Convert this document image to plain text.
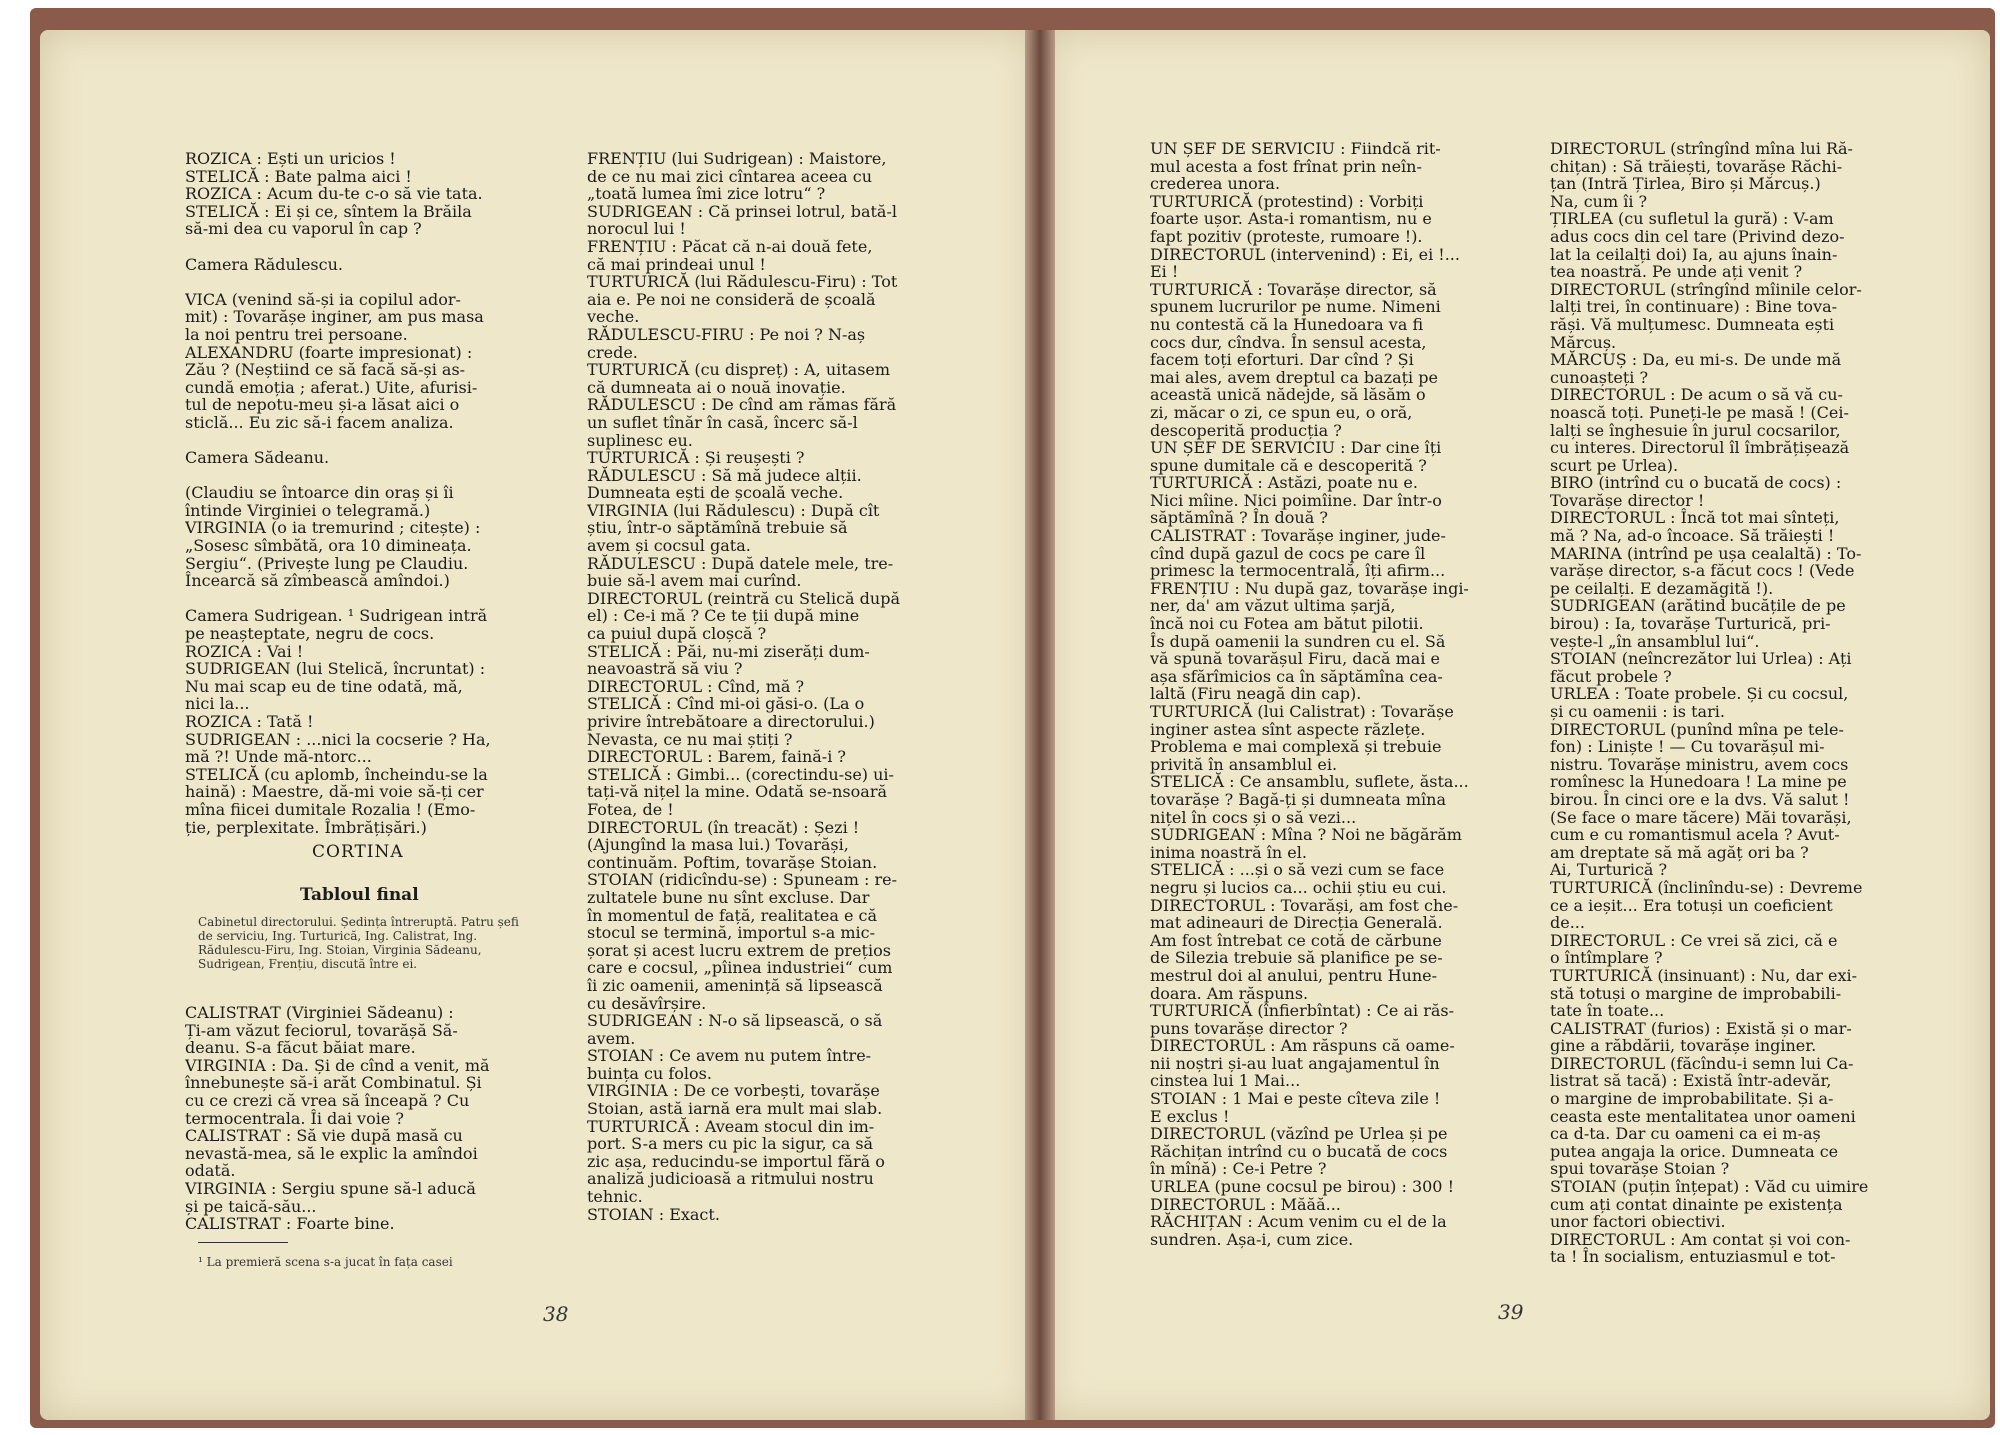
ROZICA : Ești un uricios !
STELICĂ : Bate palma aici !
ROZICA : Acum du-te c-o să vie tata.
STELICĂ : Ei și ce, sîntem la Brăila
să-mi dea cu vaporul în cap ?

Camera Rădulescu.

VICA (venind să-și ia copilul ador-
mit) : Tovarășe inginer, am pus masa
la noi pentru trei persoane.
ALEXANDRU (foarte impresionat) :
Zău ? (Neștiind ce să facă să-și as-
cundă emoția ; aferat.) Uite, afurisi-
tul de nepotu-meu și-a lăsat aici o
sticlă... Eu zic să-i facem analiza.

Camera Sădeanu.

(Claudiu se întoarce din oraș și îi
întinde Virginiei o telegramă.)
VIRGINIA (o ia tremurind ; citește) :
„Sosesc sîmbătă, ora 10 dimineața.
Sergiu“. (Privește lung pe Claudiu.
Încearcă să zîmbească amîndoi.)

Camera Sudrigean. ¹ Sudrigean intră
pe neașteptate, negru de cocs.
ROZICA : Vai !
SUDRIGEAN (lui Stelică, încruntat) :
Nu mai scap eu de tine odată, mă,
nici la...
ROZICA : Tată !
SUDRIGEAN : ...nici la cocserie ? Ha,
mă ?! Unde mă-ntorc...
STELICĂ (cu aplomb, încheindu-se la
haină) : Maestre, dă-mi voie să-ți cer
mîna fiicei dumitale Rozalia ! (Emo-
ție, perplexitate. Îmbrățișări.)
CORTINA
Tabloul final
Cabinetul directorului. Ședința întreruptă. Patru șefi de serviciu, Ing. Turturică, Ing. Calistrat, Ing. Rădulescu-Firu, Ing. Stoian, Virginia Sădeanu, Sudrigean, Frențiu, discută între ei.
CALISTRAT (Virginiei Sădeanu) :
Ți-am văzut feciorul, tovarășă Să-
deanu. S-a făcut băiat mare.
VIRGINIA : Da. Și de cînd a venit, mă
înnebunește să-i arăt Combinatul. Și
cu ce crezi că vrea să înceapă ? Cu
termocentrala. Îi dai voie ?
CALISTRAT : Să vie după masă cu
nevastă-mea, să le explic la amîndoi
odată.
VIRGINIA : Sergiu spune să-l aducă
și pe taică-său...
CALISTRAT : Foarte bine.
¹ La premieră scena s-a jucat în fața casei
FRENȚIU (lui Sudrigean) : Maistore,
de ce nu mai zici cîntarea aceea cu
„toată lumea îmi zice lotru“ ?
SUDRIGEAN : Că prinsei lotrul, bată-l
norocul lui !
FRENȚIU : Păcat că n-ai două fete,
că mai prindeai unul !
TURTURICĂ (lui Rădulescu-Firu) : Tot
aia e. Pe noi ne consideră de școală
veche.
RĂDULESCU-FIRU : Pe noi ? N-aș
crede.
TURTURICĂ (cu dispreț) : A, uitasem
că dumneata ai o nouă inovație.
RĂDULESCU : De cînd am rămas fără
un suflet tînăr în casă, încerc să-l
suplinesc eu.
TURTURICĂ : Și reușești ?
RĂDULESCU : Să mă judece alții.
Dumneata ești de școală veche.
VIRGINIA (lui Rădulescu) : După cît
știu, într-o săptămînă trebuie să
avem și cocsul gata.
RĂDULESCU : După datele mele, tre-
buie să-l avem mai curînd.
DIRECTORUL (reintră cu Stelică după
el) : Ce-i mă ? Ce te ții după mine
ca puiul după cloșcă ?
STELICĂ : Păi, nu-mi ziserăți dum-
neavoastră să viu ?
DIRECTORUL : Cînd, mă ?
STELICĂ : Cînd mi-oi găsi-o. (La o
privire întrebătoare a directorului.)
Nevasta, ce nu mai știți ?
DIRECTORUL : Barem, faină-i ?
STELICĂ : Gimbi... (corectindu-se) ui-
tați-vă nițel la mine. Odată se-nsoară
Fotea, de !
DIRECTORUL (în treacăt) : Șezi !
(Ajungînd la masa lui.) Tovarăși,
continuăm. Poftim, tovarășe Stoian.
STOIAN (ridicîndu-se) : Spuneam : re-
zultatele bune nu sînt excluse. Dar
în momentul de față, realitatea e că
stocul se termină, importul s-a mic-
șorat și acest lucru extrem de prețios
care e cocsul, „pîinea industriei“ cum
îi zic oamenii, amenință să lipsească
cu desăvîrșire.
SUDRIGEAN : N-o să lipsească, o să
avem.
STOIAN : Ce avem nu putem între-
buința cu folos.
VIRGINIA : De ce vorbești, tovarășe
Stoian, astă iarnă era mult mai slab.
TURTURICĂ : Aveam stocul din im-
port. S-a mers cu pic la sigur, ca să
zic așa, reducindu-se importul fără o
analiză judicioasă a ritmului nostru
tehnic.
STOIAN : Exact.
38
UN ȘEF DE SERVICIU : Fiindcă rit-
mul acesta a fost frînat prin neîn-
crederea unora.
TURTURICĂ (protestind) : Vorbiți
foarte ușor. Asta-i romantism, nu e
fapt pozitiv (proteste, rumoare !).
DIRECTORUL (intervenind) : Ei, ei !...
Ei !
TURTURICĂ : Tovarășe director, să
spunem lucrurilor pe nume. Nimeni
nu contestă că la Hunedoara va fi
cocs dur, cîndva. În sensul acesta,
facem toți eforturi. Dar cînd ? Și
mai ales, avem dreptul ca bazați pe
această unică nădejde, să lăsăm o
zi, măcar o zi, ce spun eu, o oră,
descoperită producția ?
UN ȘEF DE SERVICIU : Dar cine îți
spune dumitale că e descoperită ?
TURTURICĂ : Astăzi, poate nu e.
Nici mîine. Nici poimîine. Dar într-o
săptămînă ? În două ?
CALISTRAT : Tovarășe inginer, jude-
cînd după gazul de cocs pe care îl
primesc la termocentrală, îți afirm...
FRENȚIU : Nu după gaz, tovarășe ingi-
ner, da' am văzut ultima șarjă,
încă noi cu Fotea am bătut pilotii.
Îs după oamenii la sundren cu el. Să
vă spună tovarășul Firu, dacă mai e
așa sfărîmicios ca în săptămîna cea-
laltă (Firu neagă din cap).
TURTURICĂ (lui Calistrat) : Tovarășe
inginer astea sînt aspecte răzlețe.
Problema e mai complexă și trebuie
privită în ansamblul ei.
STELICĂ : Ce ansamblu, suflete, ăsta...
tovarășe ? Bagă-ți și dumneata mîna
nițel în cocs și o să vezi...
SUDRIGEAN : Mîna ? Noi ne băgărăm
inima noastră în el.
STELICĂ : ...și o să vezi cum se face
negru și lucios ca... ochii știu eu cui.
DIRECTORUL : Tovarăși, am fost che-
mat adineauri de Direcția Generală.
Am fost întrebat ce cotă de cărbune
de Silezia trebuie să planifice pe se-
mestrul doi al anului, pentru Hune-
doara. Am răspuns.
TURTURICĂ (înfierbîntat) : Ce ai răs-
puns tovarășe director ?
DIRECTORUL : Am răspuns că oame-
nii noștri și-au luat angajamentul în
cinstea lui 1 Mai...
STOIAN : 1 Mai e peste cîteva zile !
E exclus !
DIRECTORUL (văzînd pe Urlea și pe
Răchițan intrînd cu o bucată de cocs
în mînă) : Ce-i Petre ?
URLEA (pune cocsul pe birou) : 300 !
DIRECTORUL : Măăă...
RĂCHIȚAN : Acum venim cu el de la
sundren. Așa-i, cum zice.
DIRECTORUL (strîngînd mîna lui Ră-
chițan) : Să trăiești, tovarășe Răchi-
țan (Intră Țirlea, Biro și Mărcuș.)
Na, cum îi ?
ȚIRLEA (cu sufletul la gură) : V-am
adus cocs din cel tare (Privind dezo-
lat la ceilalți doi) Ia, au ajuns înain-
tea noastră. Pe unde ați venit ?
DIRECTORUL (strîngînd mîinile celor-
lalți trei, în continuare) : Bine tova-
răși. Vă mulțumesc. Dumneata ești
Mărcuș.
MĂRCUȘ : Da, eu mi-s. De unde mă
cunoașteți ?
DIRECTORUL : De acum o să vă cu-
noască toți. Puneți-le pe masă ! (Cei-
lalți se înghesuie în jurul cocsarilor,
cu interes. Directorul îl îmbrățișează
scurt pe Urlea).
BIRO (intrînd cu o bucată de cocs) :
Tovarășe director !
DIRECTORUL : Încă tot mai sînteți,
mă ? Na, ad-o încoace. Să trăiești !
MARINA (intrînd pe ușa cealaltă) : To-
varășe director, s-a făcut cocs ! (Vede
pe ceilalți. E dezamăgită !).
SUDRIGEAN (arătind bucățile de pe
birou) : Ia, tovarășe Turturică, pri-
vește-l „în ansamblul lui“.
STOIAN (neîncrezător lui Urlea) : Ați
făcut probele ?
URLEA : Toate probele. Și cu cocsul,
și cu oamenii : is tari.
DIRECTORUL (punînd mîna pe tele-
fon) : Liniște ! — Cu tovarășul mi-
nistru. Tovarășe ministru, avem cocs
romînesc la Hunedoara ! La mine pe
birou. În cinci ore e la dvs. Vă salut !
(Se face o mare tăcere) Măi tovarăși,
cum e cu romantismul acela ? Avut-
am dreptate să mă agăț ori ba ?
Ai, Turturică ?
TURTURICĂ (înclinîndu-se) : Devreme
ce a ieșit... Era totuși un coeficient
de...
DIRECTORUL : Ce vrei să zici, că e
o întîmplare ?
TURTURICĂ (insinuant) : Nu, dar exi-
stă totuși o margine de improbabili-
tate în toate...
CALISTRAT (furios) : Există și o mar-
gine a răbdării, tovarășe inginer.
DIRECTORUL (făcîndu-i semn lui Ca-
listrat să tacă) : Există într-adevăr,
o margine de improbabilitate. Și a-
ceasta este mentalitatea unor oameni
ca d-ta. Dar cu oameni ca ei m-aș
putea angaja la orice. Dumneata ce
spui tovarășe Stoian ?
STOIAN (puțin înțepat) : Văd cu uimire
cum ați contat dinainte pe existența
unor factori obiectivi.
DIRECTORUL : Am contat și voi con-
ta ! În socialism, entuziasmul e tot-
39
